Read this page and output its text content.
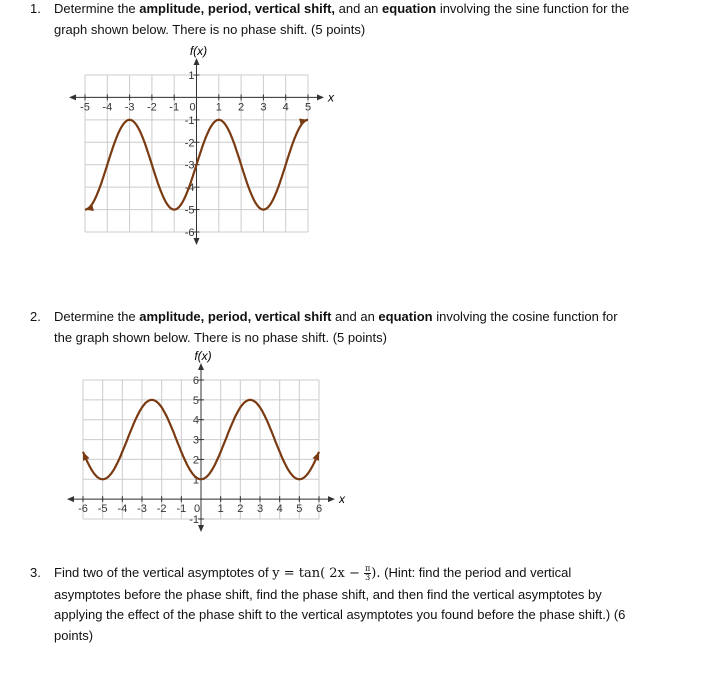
1. Determine the amplitude, period, vertical shift, and an equation involving the sine function for the graph shown below. There is no phase shift. (5 points)
2. Determine the amplitude, period, vertical shift and an equation involving the cosine function for the graph shown below. There is no phase shift. (5 points)
3. Find two of the vertical asymptotes of y = tan( $2x - \frac{\pi}{3}$ ). (Hint: find the period and vertical asymptotes before the phase shift, find the phase shift, and then find the vertical asymptotes by applying the effect of the phase shift to the vertical asymptotes you found before the phase shift.) (6 points)
f(x)
x
-5 -4 -3 -2 -1 0 1 2 3 4 5
1
-1
-2
-3
-4
-5
-6
f(x)
x
-6 -5 -4 -3 -2 -1 0 1 2 3 4 5 6
6
5
4
3
2
1
-1
